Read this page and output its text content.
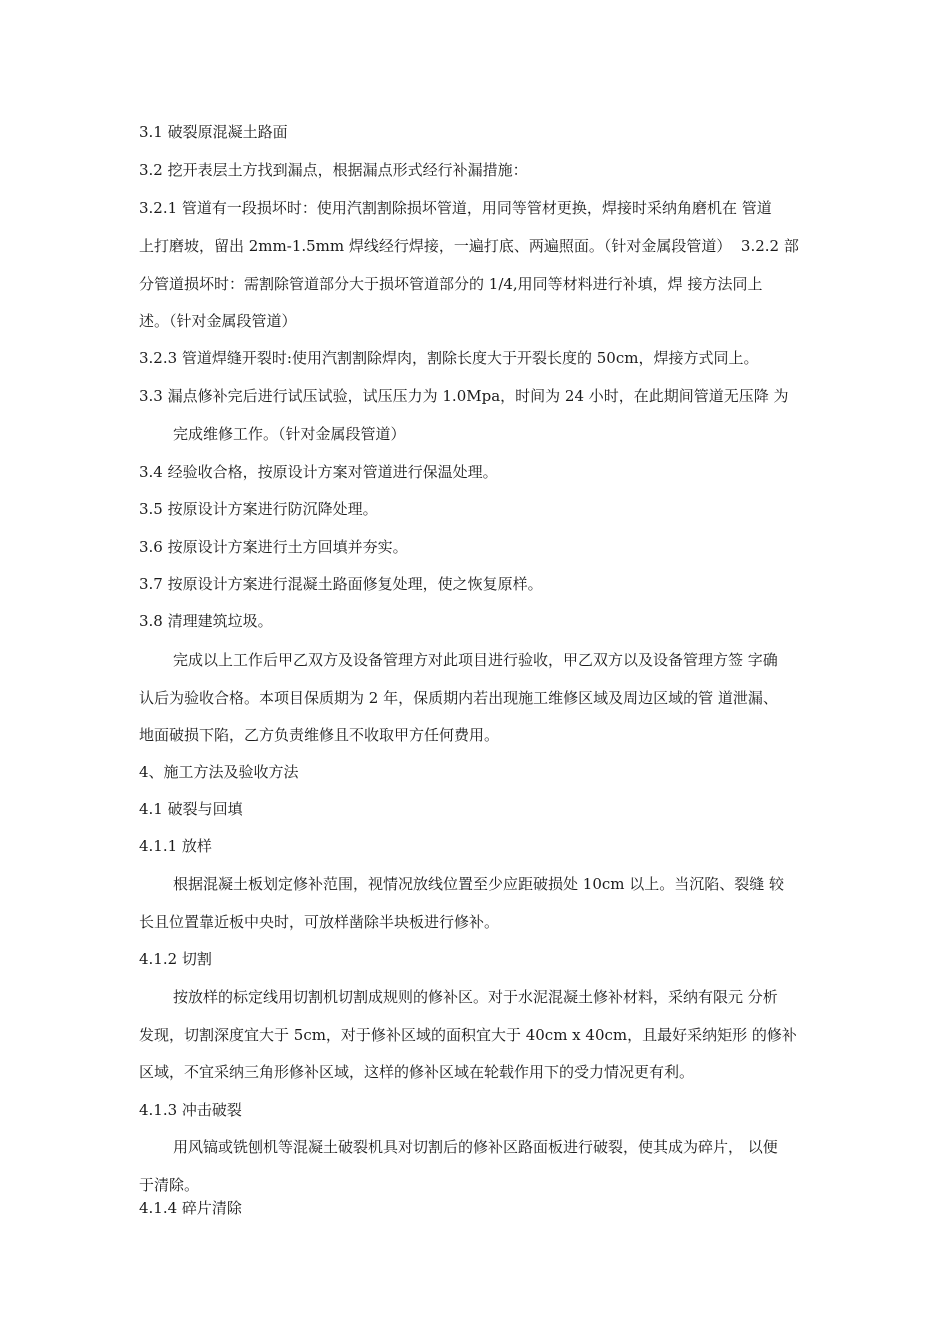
3.1 破裂原混凝土路面

3.2 挖开表层土方找到漏点，根据漏点形式经行补漏措施：

3.2.1 管道有一段损坏时：使用汽割割除损坏管道，用同等管材更换，焊接时采纳角磨机在 管道

上打磨坡，留出 2mm-1.5mm 焊线经行焊接，一遍打底、两遍照面。（针对金属段管道）  3.2.2 部

分管道损坏时：需割除管道部分大于损坏管道部分的 1/4,用同等材料进行补填，焊 接方法同上

述。（针对金属段管道）

3.2.3 管道焊缝开裂时:使用汽割割除焊肉，割除长度大于开裂长度的 50cm，焊接方式同上。

3.3 漏点修补完后进行试压试验，试压压力为 1.0Mpa，时间为 24 小时，在此期间管道无压降 为

完成维修工作。（针对金属段管道）

3.4 经验收合格，按原设计方案对管道进行保温处理。

3.5 按原设计方案进行防沉降处理。

3.6 按原设计方案进行土方回填并夯实。

3.7 按原设计方案进行混凝土路面修复处理，使之恢复原样。

3.8 清理建筑垃圾。

完成以上工作后甲乙双方及设备管理方对此项目进行验收，甲乙双方以及设备管理方签 字确

认后为验收合格。本项目保质期为 2 年，保质期内若出现施工维修区域及周边区域的管 道泄漏、

地面破损下陷，乙方负责维修且不收取甲方任何费用。

4、施工方法及验收方法

4.1 破裂与回填

4.1.1 放样

根据混凝土板划定修补范围，视情况放线位置至少应距破损处 10cm 以上。当沉陷、裂缝 较

长且位置靠近板中央时，可放样凿除半块板进行修补。

4.1.2 切割

按放样的标定线用切割机切割成规则的修补区。对于水泥混凝土修补材料，采纳有限元 分析

发现，切割深度宜大于 5cm，对于修补区域的面积宜大于 40cm x 40cm，且最好采纳矩形 的修补

区域，不宜采纳三角形修补区域，这样的修补区域在轮载作用下的受力情况更有利。

4.1.3 冲击破裂

用风镐或铣刨机等混凝土破裂机具对切割后的修补区路面板进行破裂，使其成为碎片， 以便

于清除。

4.1.4 碎片清除
